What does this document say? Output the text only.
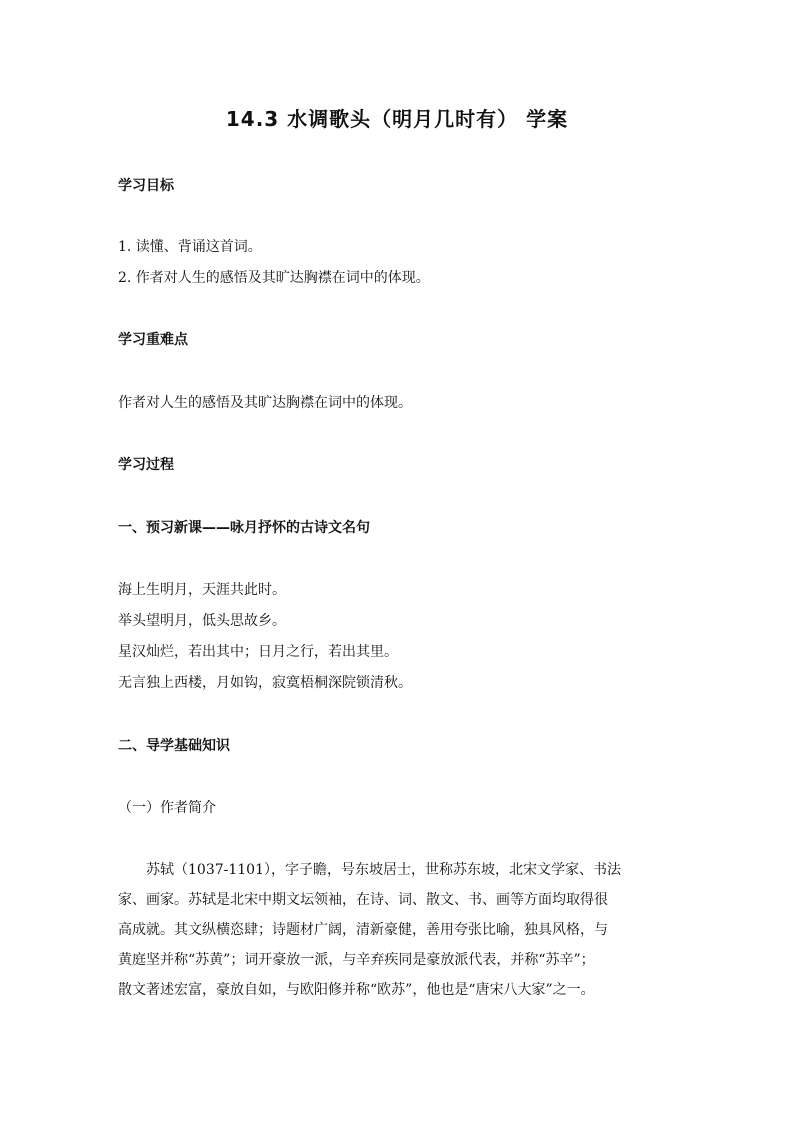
14.3 水调歌头（明月几时有） 学案
学习目标
1. 读懂、背诵这首词。
2. 作者对人生的感悟及其旷达胸襟在词中的体现。
学习重难点
作者对人生的感悟及其旷达胸襟在词中的体现。
学习过程
一、预习新课——咏月抒怀的古诗文名句
海上生明月，天涯共此时。
举头望明月，低头思故乡。
星汉灿烂，若出其中；日月之行，若出其里。
无言独上西楼，月如钩，寂寞梧桐深院锁清秋。
二、导学基础知识
（一）作者简介
苏轼（1037-1101），字子瞻，号东坡居士，世称苏东坡，北宋文学家、书法
家、画家。苏轼是北宋中期文坛领袖，在诗、词、散文、书、画等方面均取得很
高成就。其文纵横恣肆；诗题材广阔，清新豪健，善用夸张比喻，独具风格，与
黄庭坚并称“苏黄”；词开豪放一派，与辛弃疾同是豪放派代表，并称“苏辛”；
散文著述宏富，豪放自如，与欧阳修并称“欧苏”，他也是“唐宋八大家”之一。
